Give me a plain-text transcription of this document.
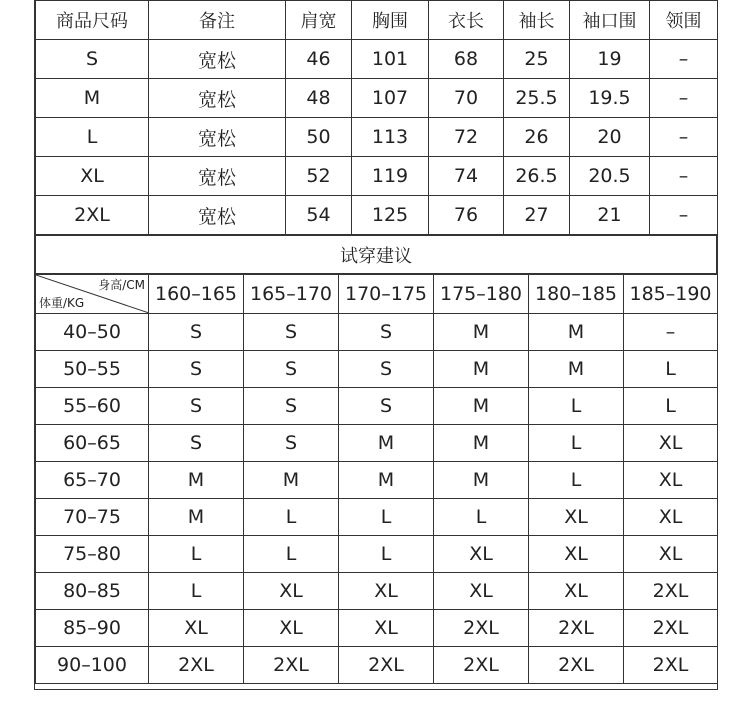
商品尺码	备注	肩宽	胸围	衣长	袖长	袖口围	领围
S	宽松	46	101	68	25	19	–
M	宽松	48	107	70	25.5	19.5	–
L	宽松	50	113	72	26	20	–
XL	宽松	52	119	74	26.5	20.5	–
2XL	宽松	54	125	76	27	21	–
试穿建议
身高/CM
体重/KG	160–165	165–170	170–175	175–180	180–185	185–190
40–50	S	S	S	M	M	–
50–55	S	S	S	M	M	L
55–60	S	S	S	M	L	L
60–65	S	S	M	M	L	XL
65–70	M	M	M	M	L	XL
70–75	M	L	L	L	XL	XL
75–80	L	L	L	XL	XL	XL
80–85	L	XL	XL	XL	XL	2XL
85–90	XL	XL	XL	2XL	2XL	2XL
90–100	2XL	2XL	2XL	2XL	2XL	2XL
